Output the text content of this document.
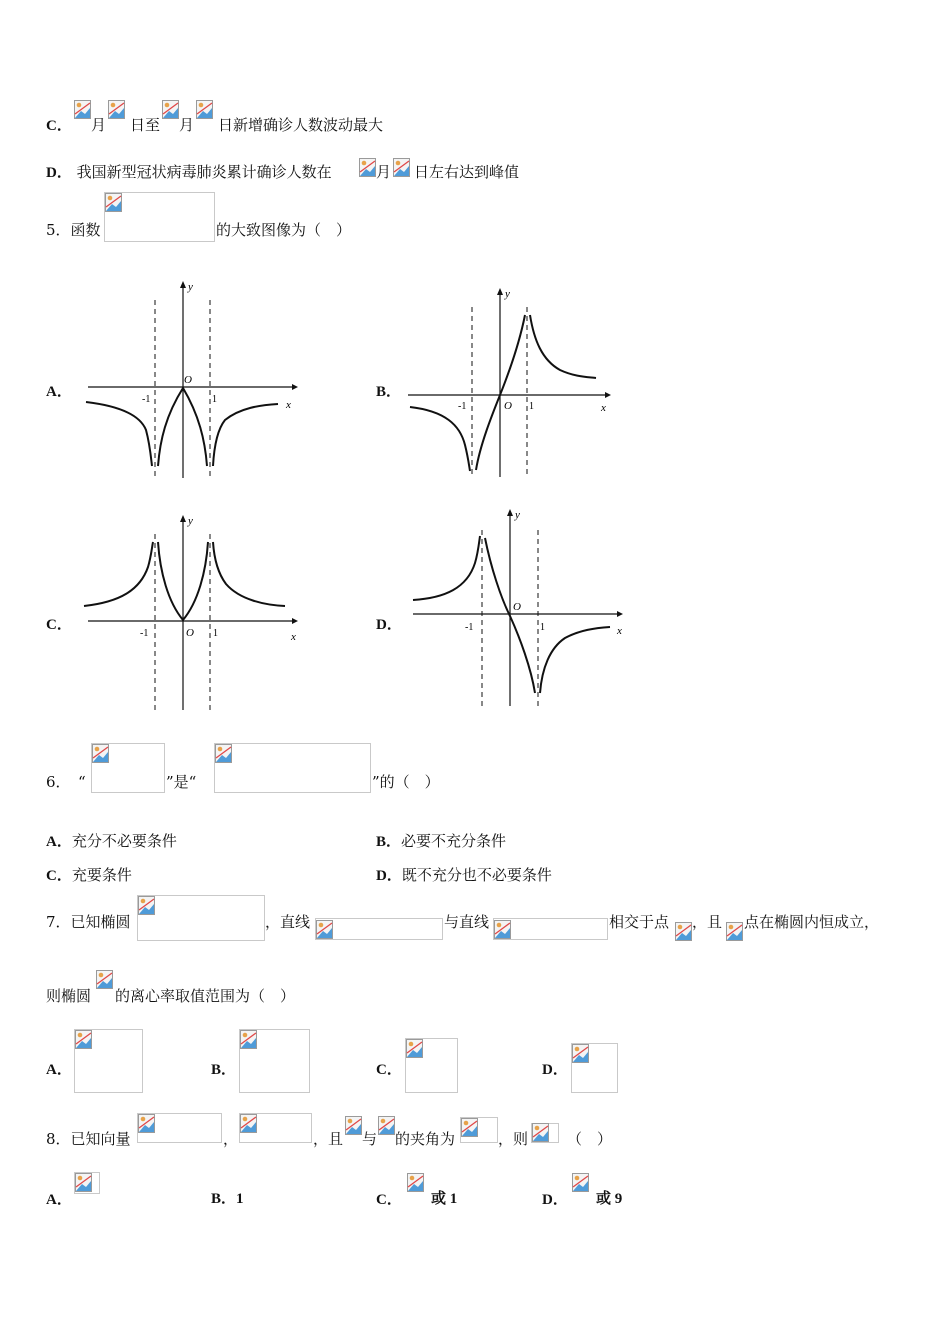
C． 月 日至 月 日新增确诊人数波动最大
D． 我国新型冠状病毒肺炎累计确诊人数在	月 日左右达到峰值
5．函数	的大致图像为（　）
A．	B．
C．	D．
y
x
O
-1	1
y
x
O
-1	1
y
x
O
-1	1
y
x
O
-1	1
6． “	”是“	”的（　）
A．充分不必要条件	B．必要不充分条件
C．充要条件	D．既不充分也不必要条件
7．已知椭圆	，直线	与直线	相交于点 ，且 点在椭圆内恒成立，
则椭圆 的离心率取值范围为（　）
A．	B．	C．	D．
8．已知向量	，	，且 与 的夹角为	，则	（　）
A．	B．1	C． 或 1	D． 或 9
